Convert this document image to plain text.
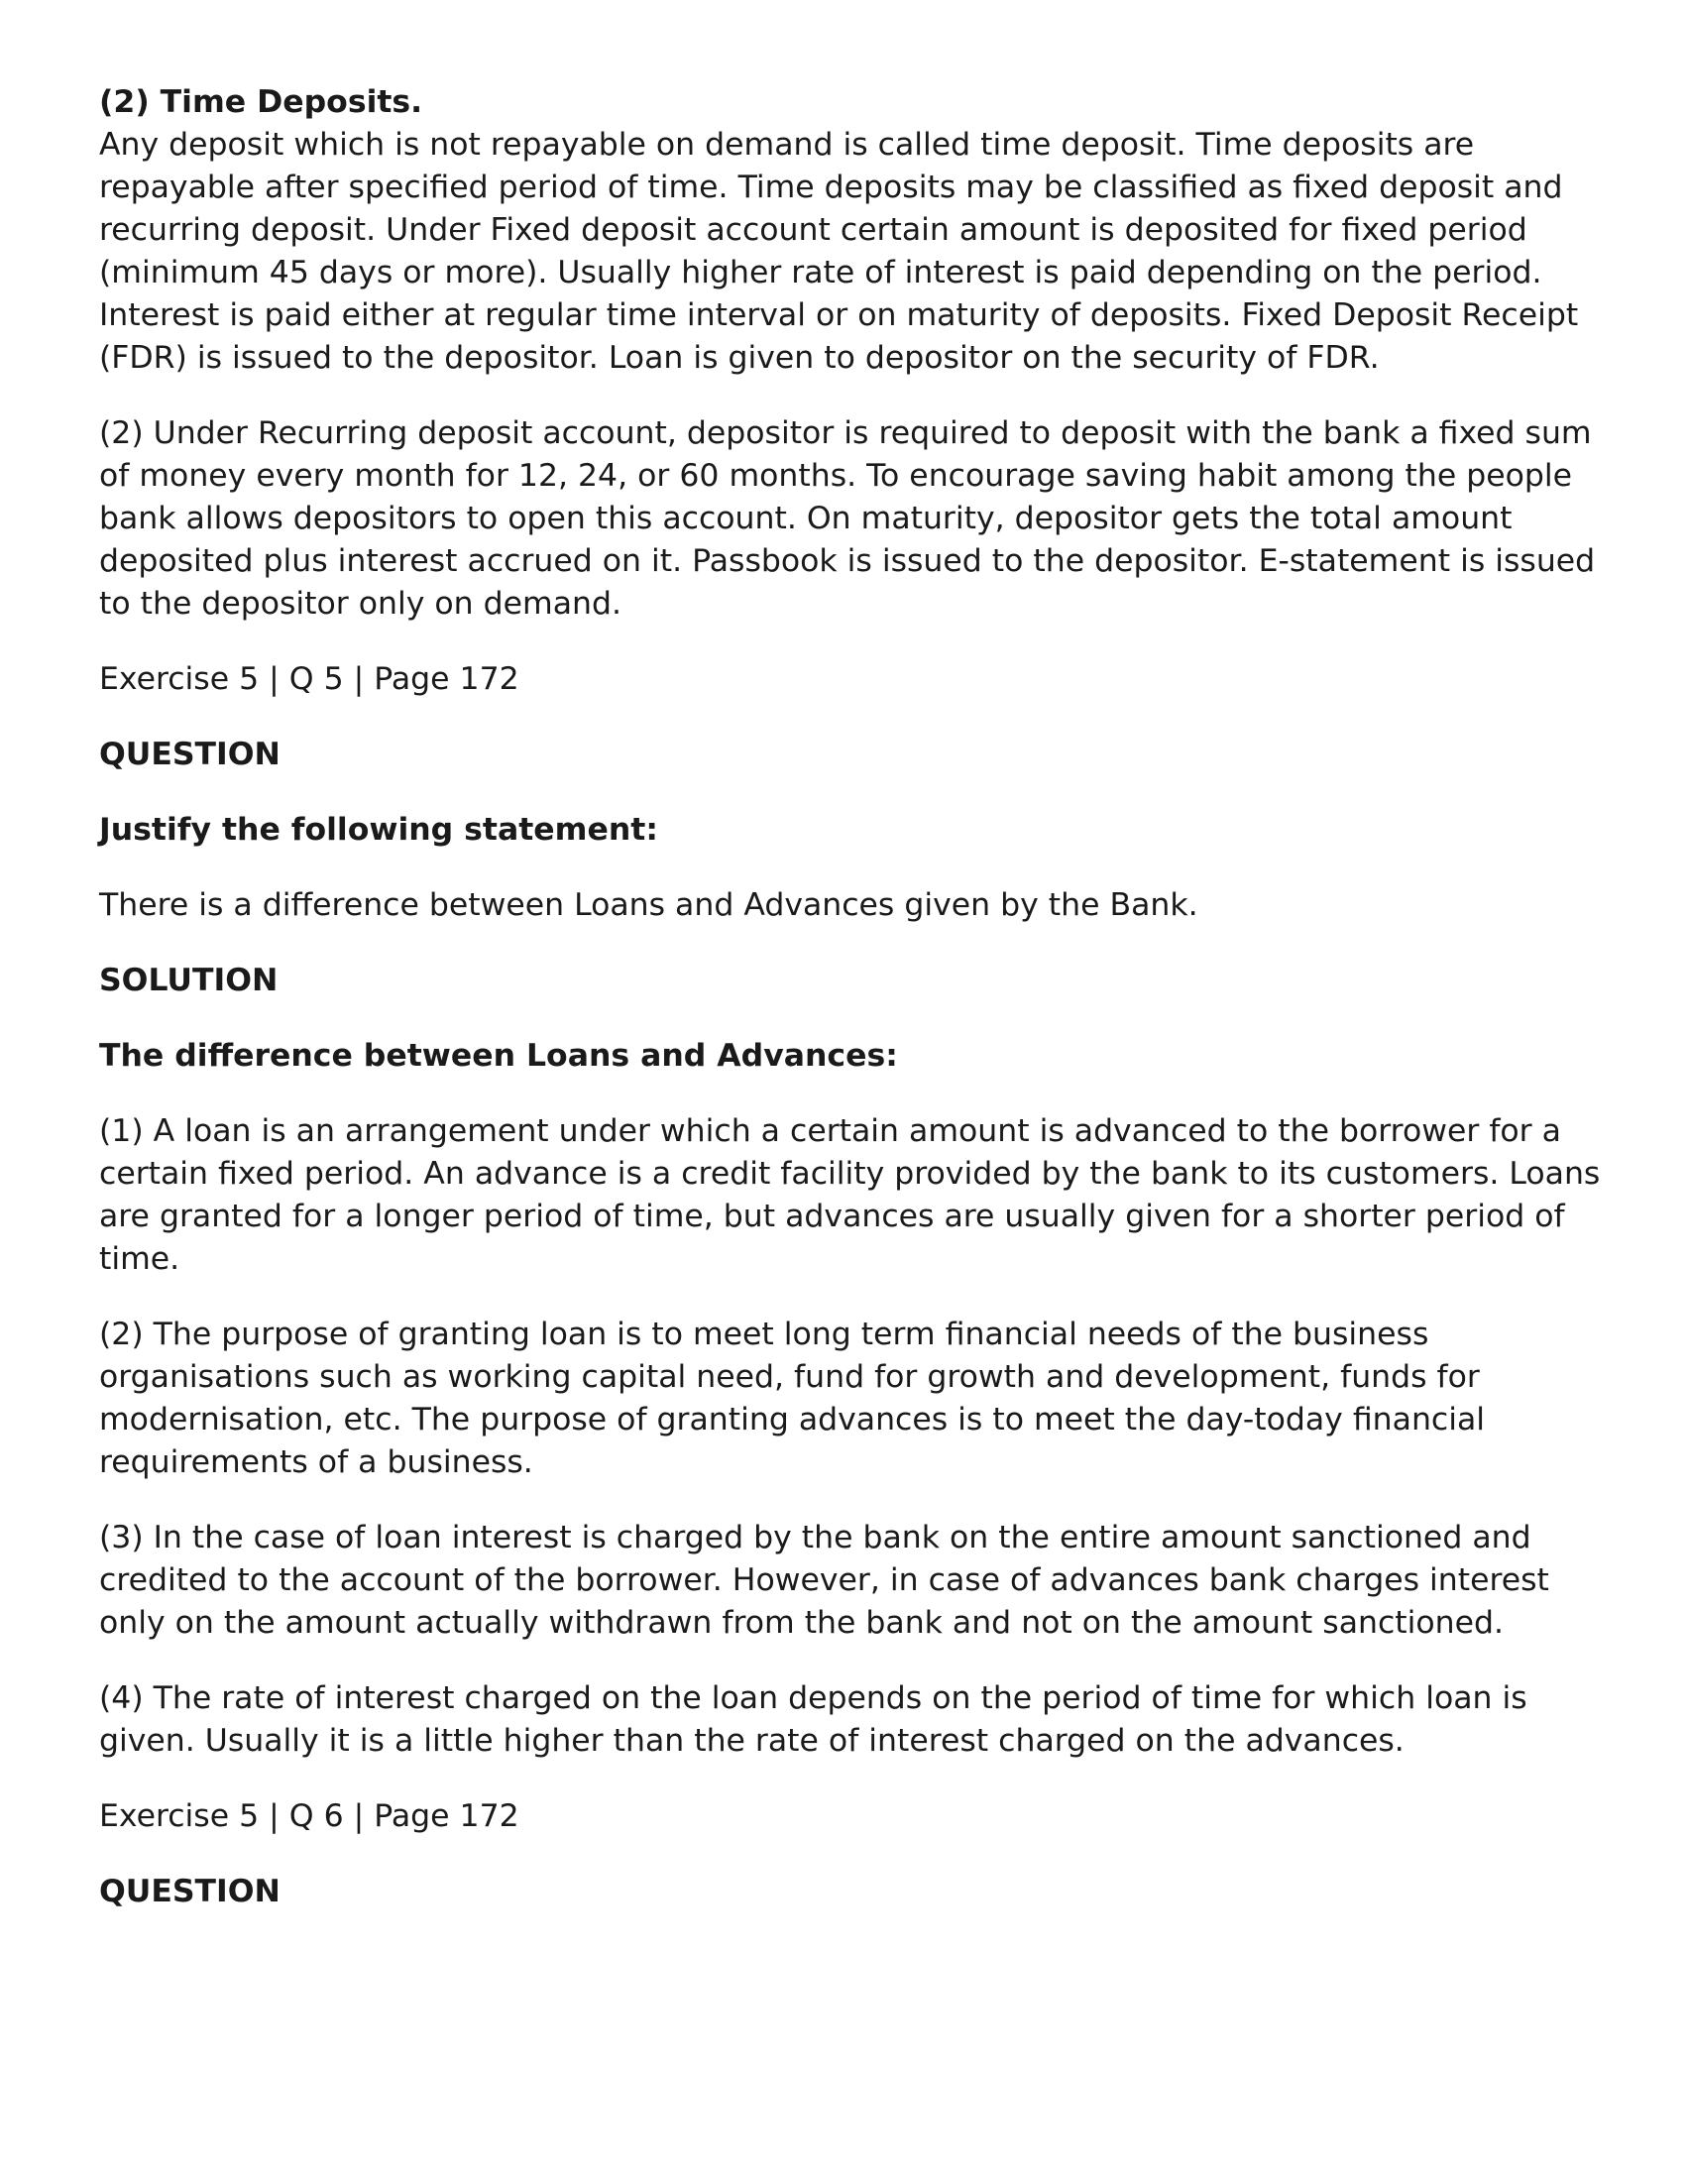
(2) Time Deposits.

Any deposit which is not repayable on demand is called time deposit. Time deposits are repayable after specified period of time. Time deposits may be classified as fixed deposit and recurring deposit. Under Fixed deposit account certain amount is deposited for fixed period (minimum 45 days or more). Usually higher rate of interest is paid depending on the period. Interest is paid either at regular time interval or on maturity of deposits. Fixed Deposit Receipt (FDR) is issued to the depositor. Loan is given to depositor on the security of FDR.

(2) Under Recurring deposit account, depositor is required to deposit with the bank a fixed sum of money every month for 12, 24, or 60 months. To encourage saving habit among the people bank allows depositors to open this account. On maturity, depositor gets the total amount deposited plus interest accrued on it. Passbook is issued to the depositor. E-statement is issued to the depositor only on demand.

Exercise 5 | Q 5 | Page 172

QUESTION

Justify the following statement:

There is a difference between Loans and Advances given by the Bank.

SOLUTION

The difference between Loans and Advances:

(1) A loan is an arrangement under which a certain amount is advanced to the borrower for a certain fixed period. An advance is a credit facility provided by the bank to its customers. Loans are granted for a longer period of time, but advances are usually given for a shorter period of time.

(2) The purpose of granting loan is to meet long term financial needs of the business organisations such as working capital need, fund for growth and development, funds for modernisation, etc. The purpose of granting advances is to meet the day-today financial requirements of a business.

(3) In the case of loan interest is charged by the bank on the entire amount sanctioned and credited to the account of the borrower. However, in case of advances bank charges interest only on the amount actually withdrawn from the bank and not on the amount sanctioned.

(4) The rate of interest charged on the loan depends on the period of time for which loan is given. Usually it is a little higher than the rate of interest charged on the advances.

Exercise 5 | Q 6 | Page 172

QUESTION
